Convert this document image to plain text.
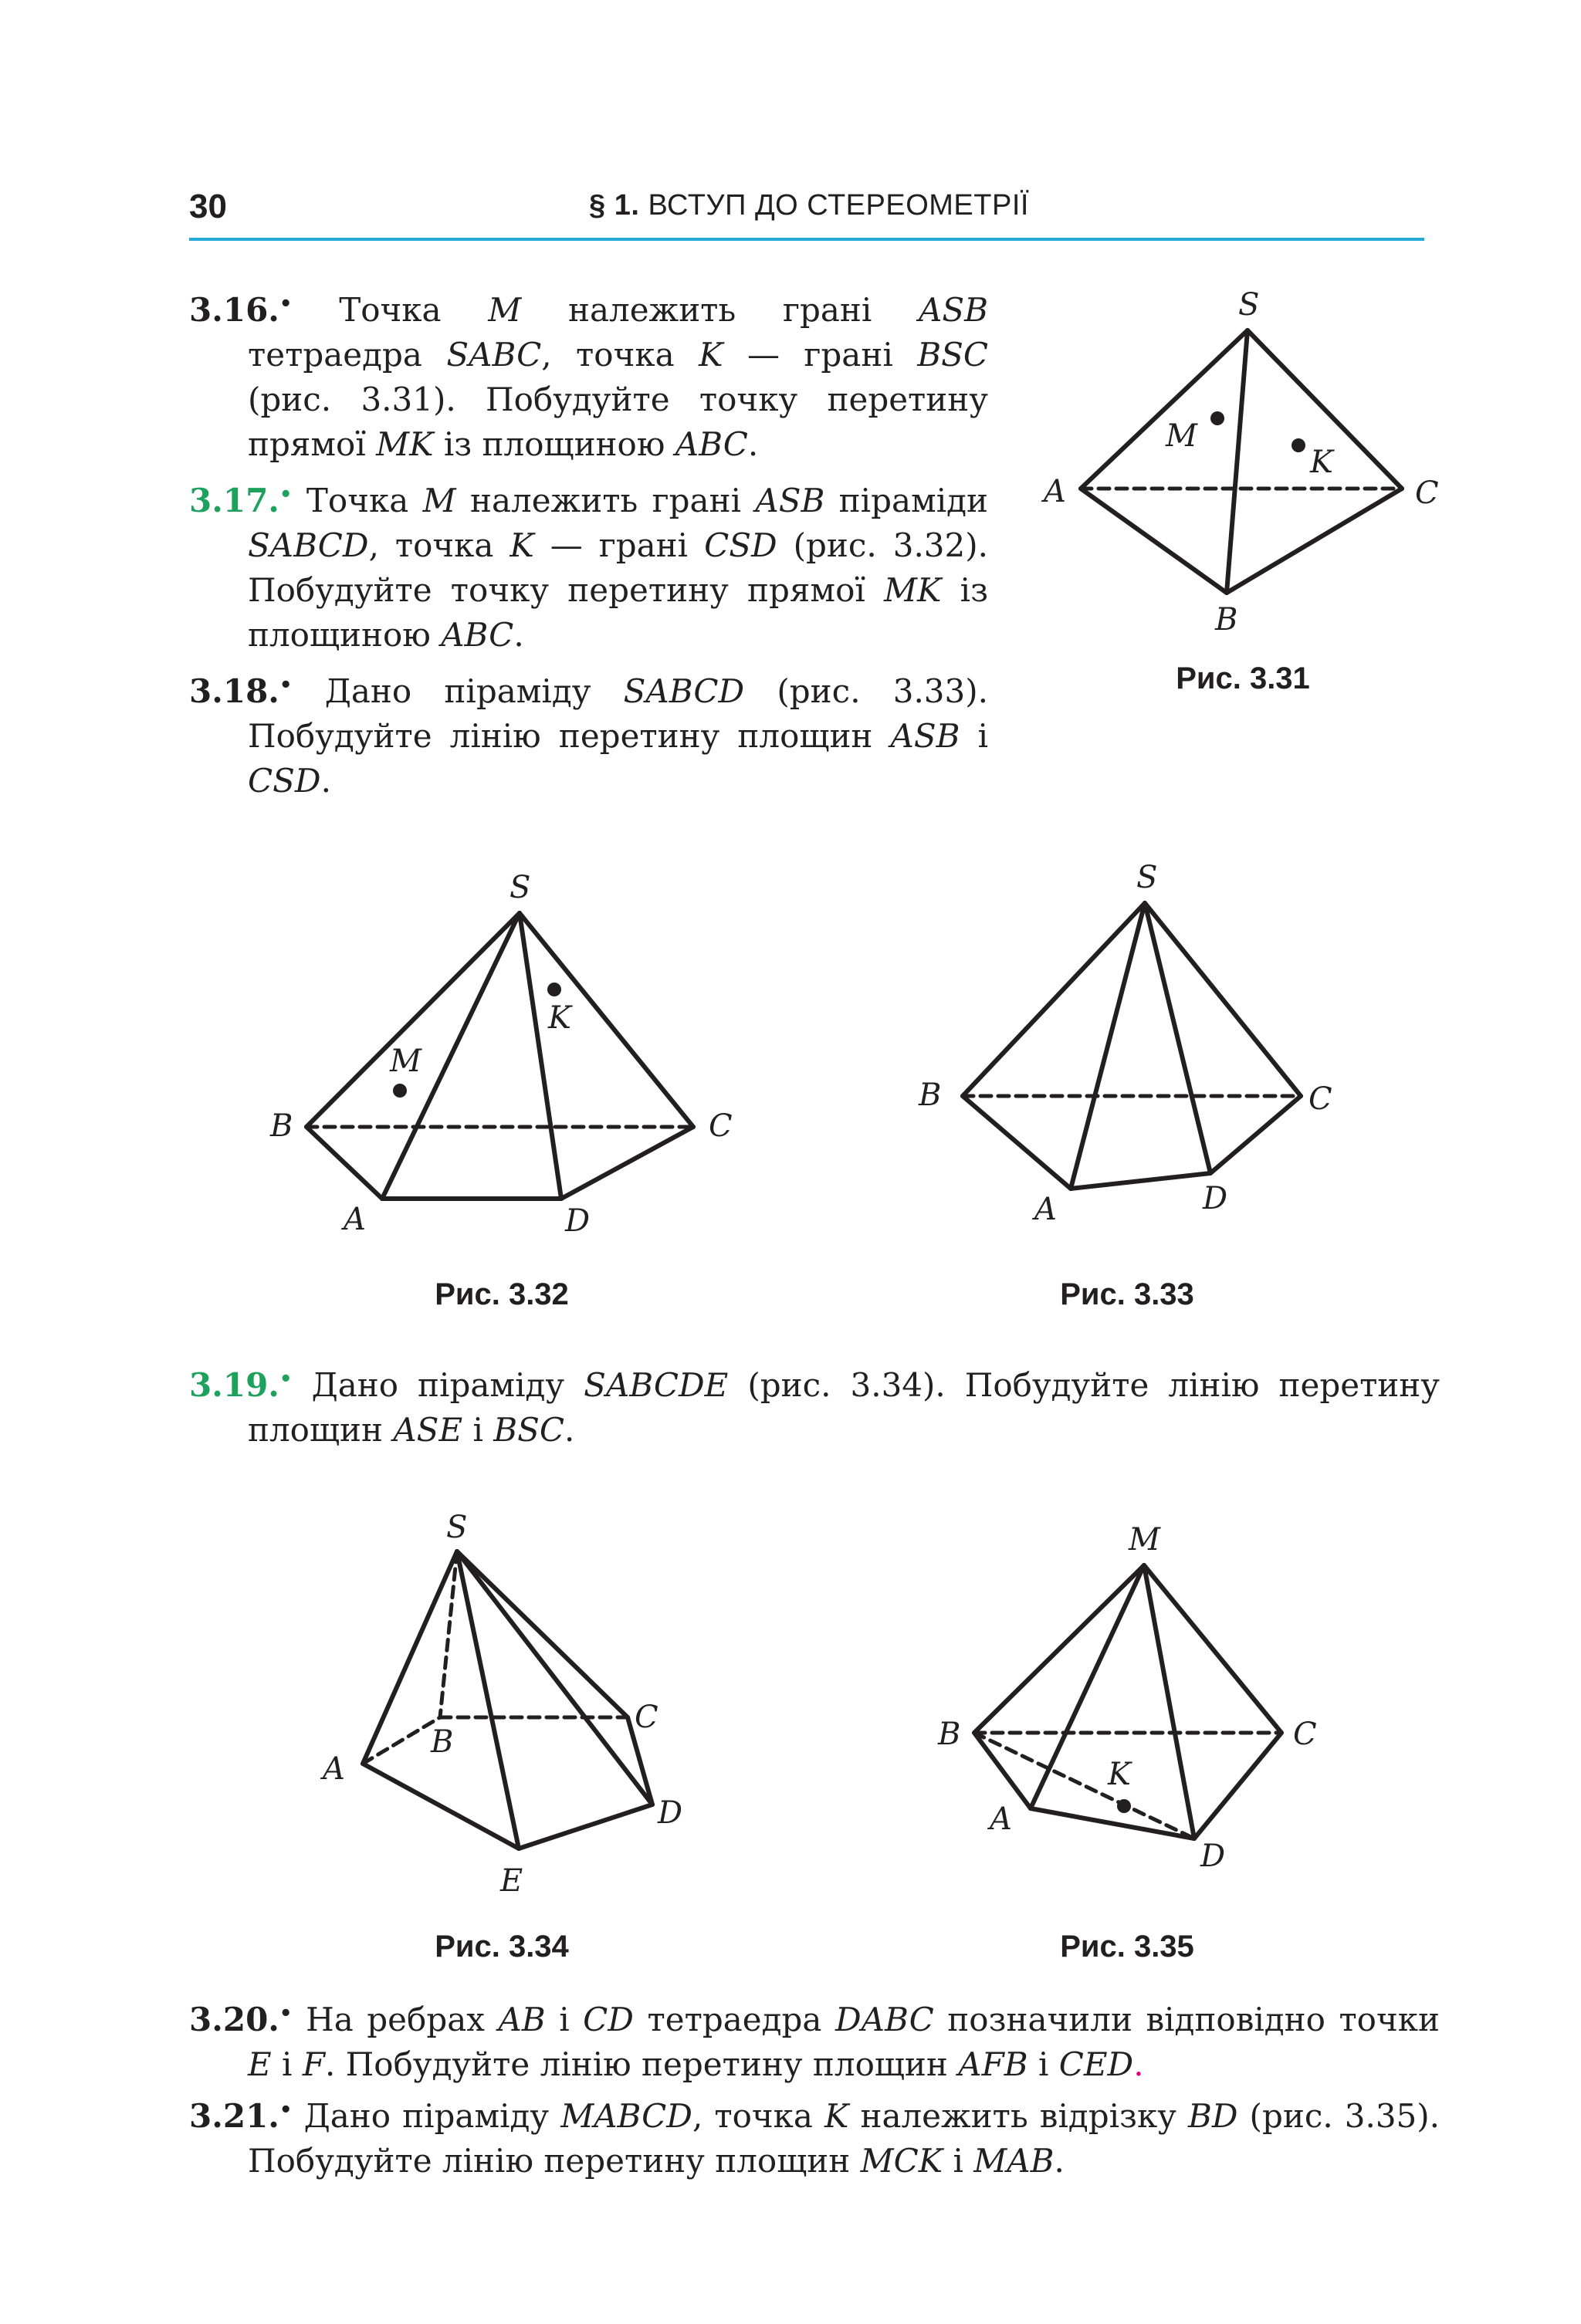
30	§ 1. ВСТУП ДО СТЕРЕОМЕТРІЇ

3.16.• Точка M належить грані ASB тетраедра SABC, точка K — грані BSC (рис. 3.31). Побудуйте точку перетину прямої MK із площиною ABC.

3.17.• Точка M належить грані ASB піраміди SABCD, точка K — грані CSD (рис. 3.32). Побудуйте точку перетину прямої MK із площиною ABC.

3.18.• Дано піраміду SABCD (рис. 3.33). Побудуйте лінію перетину площин ASB і CSD.

S
A	C
B
M
K
Рис. 3.31
S
B	C
A	D
M
K
Рис. 3.32
S
B	C
A	D
Рис. 3.33

3.19.• Дано піраміду SABCDE (рис. 3.34). Побудуйте лінію перетину площин ASE і BSC.

S
A
B
C
D
E
Рис. 3.34
M
B	C
A
D
K
Рис. 3.35

3.20.• На ребрах AB і CD тетраедра DABC позначили відповідно точки E і F. Побудуйте лінію перетину площин AFB і CED.

3.21.• Дано піраміду MABCD, точка K належить відрізку BD (рис. 3.35). Побудуйте лінію перетину площин MCK і MAB.
